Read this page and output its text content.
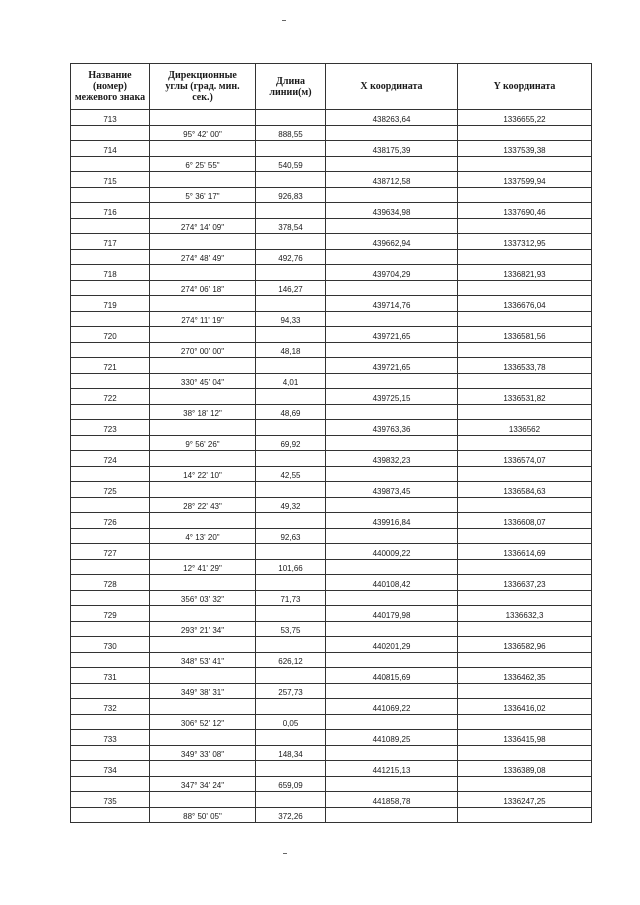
Название
(номер)
межевого знака	Дирекционные
углы (град. мин.
сек.)	Длина
линии(м)	X координата	Y координата
713			438263,64	1336655,22
	95° 42' 00"	888,55		
714			438175,39	1337539,38
	6° 25' 55"	540,59		
715			438712,58	1337599,94
	5° 36' 17"	926,83		
716			439634,98	1337690,46
	274° 14' 09"	378,54		
717			439662,94	1337312,95
	274° 48' 49"	492,76		
718			439704,29	1336821,93
	274° 06' 18"	146,27		
719			439714,76	1336676,04
	274° 11' 19"	94,33		
720			439721,65	1336581,56
	270° 00' 00"	48,18		
721			439721,65	1336533,78
	330° 45' 04"	4,01		
722			439725,15	1336531,82
	38° 18' 12"	48,69		
723			439763,36	1336562
	9° 56' 26"	69,92		
724			439832,23	1336574,07
	14° 22' 10"	42,55		
725			439873,45	1336584,63
	28° 22' 43"	49,32		
726			439916,84	1336608,07
	4° 13' 20"	92,63		
727			440009,22	1336614,69
	12° 41' 29"	101,66		
728			440108,42	1336637,23
	356° 03' 32"	71,73		
729			440179,98	1336632,3
	293° 21' 34"	53,75		
730			440201,29	1336582,96
	348° 53' 41"	626,12		
731			440815,69	1336462,35
	349° 38' 31"	257,73		
732			441069,22	1336416,02
	306° 52' 12"	0,05		
733			441089,25	1336415,98
	349° 33' 08"	148,34		
734			441215,13	1336389,08
	347° 34' 24"	659,09		
735			441858,78	1336247,25
	88° 50' 05"	372,26		
